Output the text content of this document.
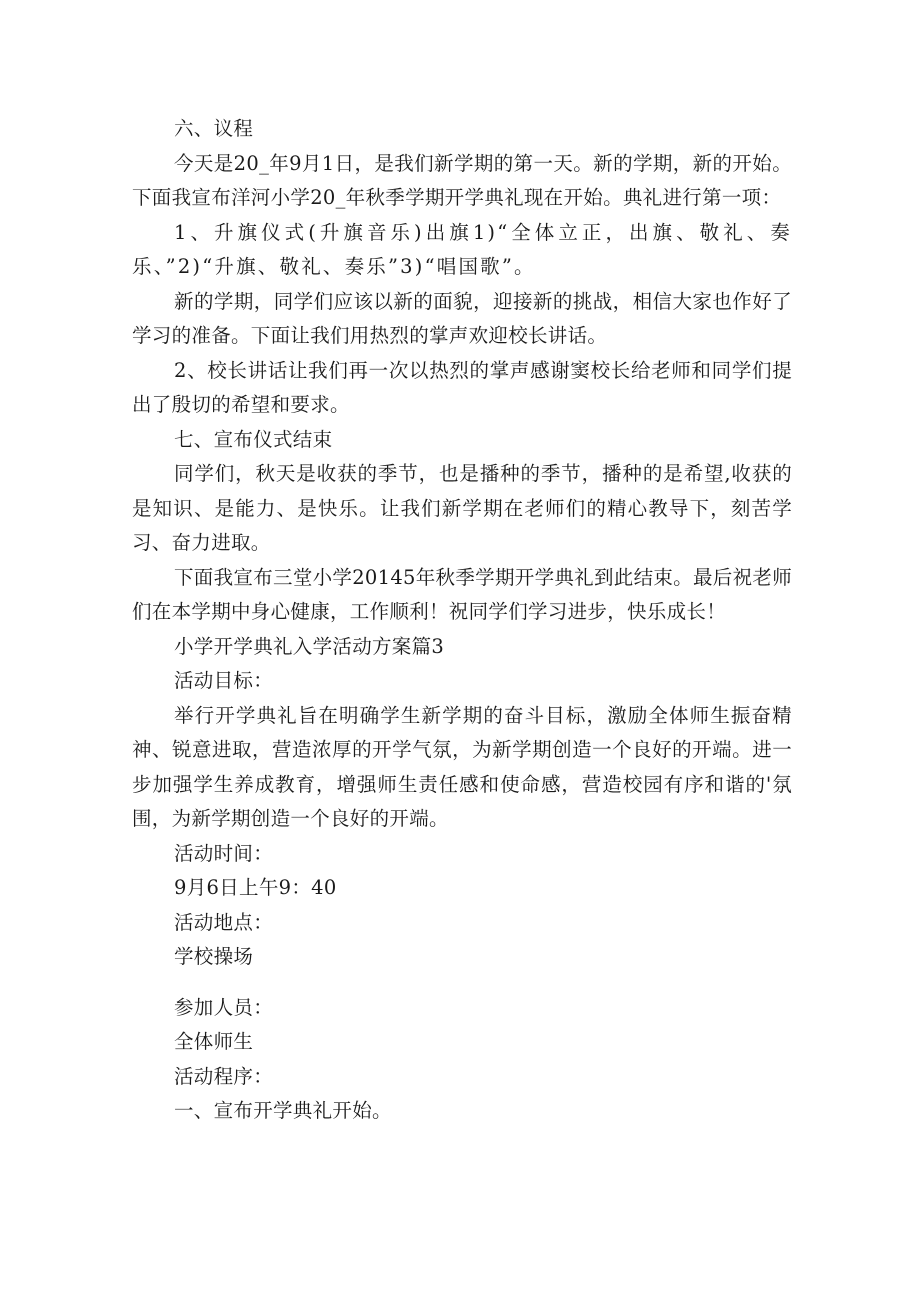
六、议程

今天是20_年9月1日，是我们新学期的第一天。新的学期，新的开始。下面我宣布洋河小学20_年秋季学期开学典礼现在开始。典礼进行第一项：

1、升旗仪式(升旗音乐)出旗1)“全体立正，出旗、敬礼、奏乐、”2)“升旗、敬礼、奏乐”3)“唱国歌”。

新的学期，同学们应该以新的面貌，迎接新的挑战，相信大家也作好了学习的准备。下面让我们用热烈的掌声欢迎校长讲话。

2、校长讲话让我们再一次以热烈的掌声感谢窦校长给老师和同学们提出了殷切的希望和要求。

七、宣布仪式结束

同学们，秋天是收获的季节，也是播种的季节，播种的是希望,收获的是知识、是能力、是快乐。让我们新学期在老师们的精心教导下，刻苦学习、奋力进取。

下面我宣布三堂小学20145年秋季学期开学典礼到此结束。最后祝老师们在本学期中身心健康，工作顺利！祝同学们学习进步，快乐成长！

小学开学典礼入学活动方案篇3

活动目标：

举行开学典礼旨在明确学生新学期的奋斗目标，激励全体师生振奋精神、锐意进取，营造浓厚的开学气氛，为新学期创造一个良好的开端。进一步加强学生养成教育，增强师生责任感和使命感，营造校园有序和谐的'氛围，为新学期创造一个良好的开端。

活动时间：

9月6日上午9：40

活动地点：

学校操场

参加人员：

全体师生

活动程序：

一、宣布开学典礼开始。
